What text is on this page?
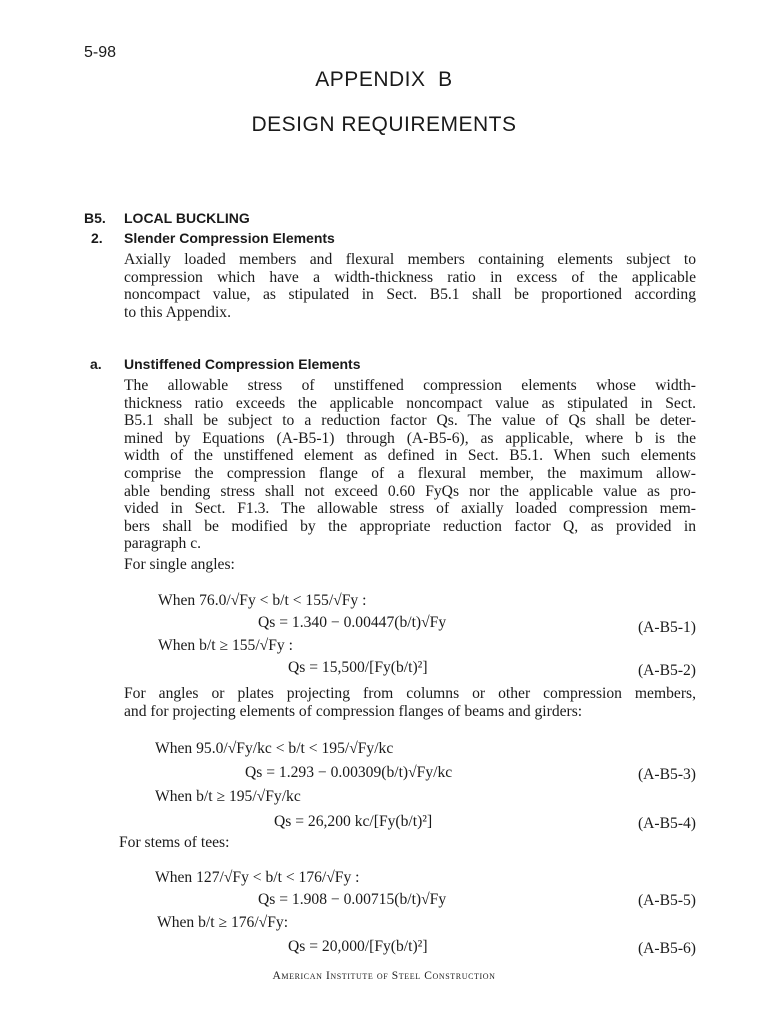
5-98
APPENDIX  B
DESIGN REQUIREMENTS
B5. LOCAL BUCKLING
2. Slender Compression Elements
Axially loaded members and flexural members containing elements subject to
compression which have a width-thickness ratio in excess of the applicable
noncompact value, as stipulated in Sect. B5.1 shall be proportioned according
to this Appendix.
a. Unstiffened Compression Elements
The allowable stress of unstiffened compression elements whose width-
thickness ratio exceeds the applicable noncompact value as stipulated in Sect.
B5.1 shall be subject to a reduction factor Qs. The value of Qs shall be deter-
mined by Equations (A-B5-1) through (A-B5-6), as applicable, where b is the
width of the unstiffened element as defined in Sect. B5.1. When such elements
comprise the compression flange of a flexural member, the maximum allow-
able bending stress shall not exceed 0.60 FyQs nor the applicable value as pro-
vided in Sect. F1.3. The allowable stress of axially loaded compression mem-
bers shall be modified by the appropriate reduction factor Q, as provided in
paragraph c.
For single angles:
When 76.0/√Fy < b/t < 155/√Fy :
Qs = 1.340 − 0.00447(b/t)√Fy	(A-B5-1)
When b/t ≥ 155/√Fy :
Qs = 15,500/[Fy(b/t)²]	(A-B5-2)
For angles or plates projecting from columns or other compression members,
and for projecting elements of compression flanges of beams and girders:
When 95.0/√Fy/kc < b/t < 195/√Fy/kc
Qs = 1.293 − 0.00309(b/t)√Fy/kc	(A-B5-3)
When b/t ≥ 195/√Fy/kc
Qs = 26,200 kc/[Fy(b/t)²]	(A-B5-4)
For stems of tees:
When 127/√Fy < b/t < 176/√Fy :
Qs = 1.908 − 0.00715(b/t)√Fy	(A-B5-5)
When b/t ≥ 176/√Fy:
Qs = 20,000/[Fy(b/t)²]	(A-B5-6)
American Institute of Steel Construction
